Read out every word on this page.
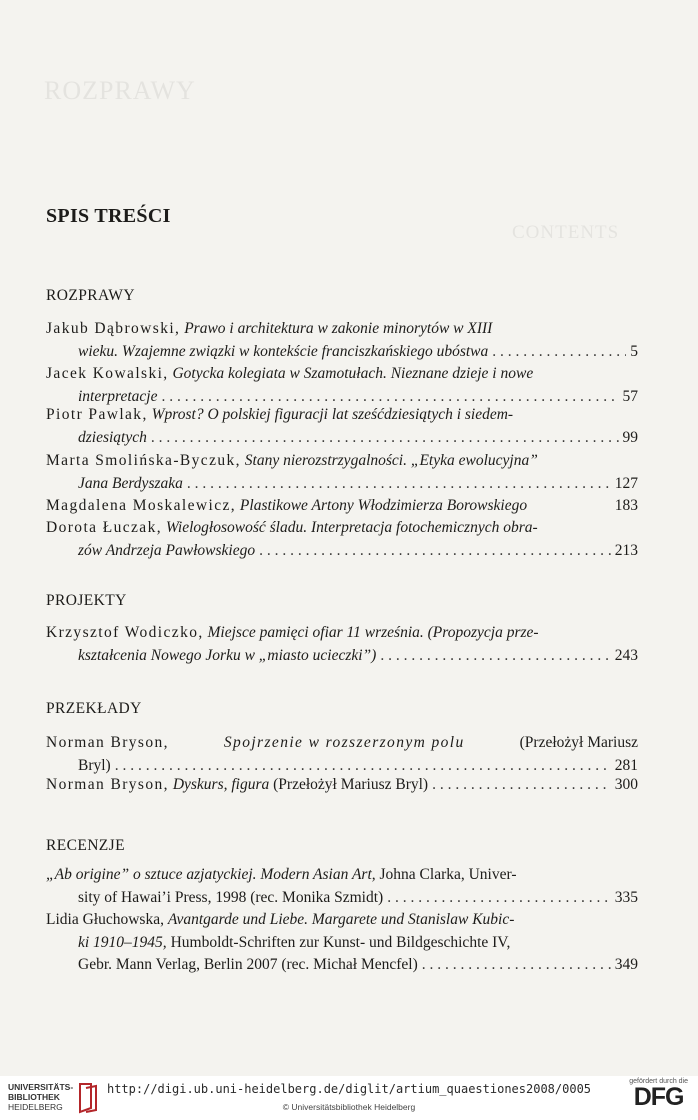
ROZPRAWY
CONTENTS
SPIS TREŚCI
ROZPRAWY
Jakub Dąbrowski, Prawo i architektura w zakonie minorytów w XIII
wieku. Wzajemne związki w kontekście franciszkańskiego ubóstwa . . .	5
Jacek Kowalski, Gotycka kolegiata w Szamotułach. Nieznane dzieje i nowe
interpretacje . . .	57
Piotr Pawlak, Wprost? O polskiej figuracji lat sześćdziesiątych i siedem-
dziesiątych . . .	99
Marta Smolińska-Byczuk, Stany nierozstrzygalności. „Etyka ewolucyjna”
Jana Berdyszaka . . .	127
Magdalena Moskalewicz, Plastikowe Artony Włodzimierza Borowskiego	183
Dorota Łuczak, Wielogłosowość śladu. Interpretacja fotochemicznych obra-
zów Andrzeja Pawłowskiego . . .	213
PROJEKTY
Krzysztof Wodiczko, Miejsce pamięci ofiar 11 września. (Propozycja prze-
kształcenia Nowego Jorku w „miasto ucieczki”) . . .	243
PRZEKŁADY
Norman Bryson,	Spojrzenie w rozszerzonym polu	(Przełożył Mariusz
Bryl) . . .	281
Norman Bryson, Dyskurs, figura (Przełożył Mariusz Bryl) . . .	300
RECENZJE
„Ab origine” o sztuce azjatyckiej. Modern Asian Art, Johna Clarka, Univer-
sity of Hawai’i Press, 1998 (rec. Monika Szmidt) . . .	335
Lidia Głuchowska, Avantgarde und Liebe. Margarete und Stanislaw Kubic-
ki 1910–1945, Humboldt-Schriften zur Kunst- und Bildgeschichte IV,
Gebr. Mann Verlag, Berlin 2007 (rec. Michał Mencfel) . . .	349
UNIVERSITÄTS-
BIBLIOTHEK
HEIDELBERG
http://digi.ub.uni-heidelberg.de/diglit/artium_quaestiones2008/0005
© Universitätsbibliothek Heidelberg
gefördert durch die
DFG
